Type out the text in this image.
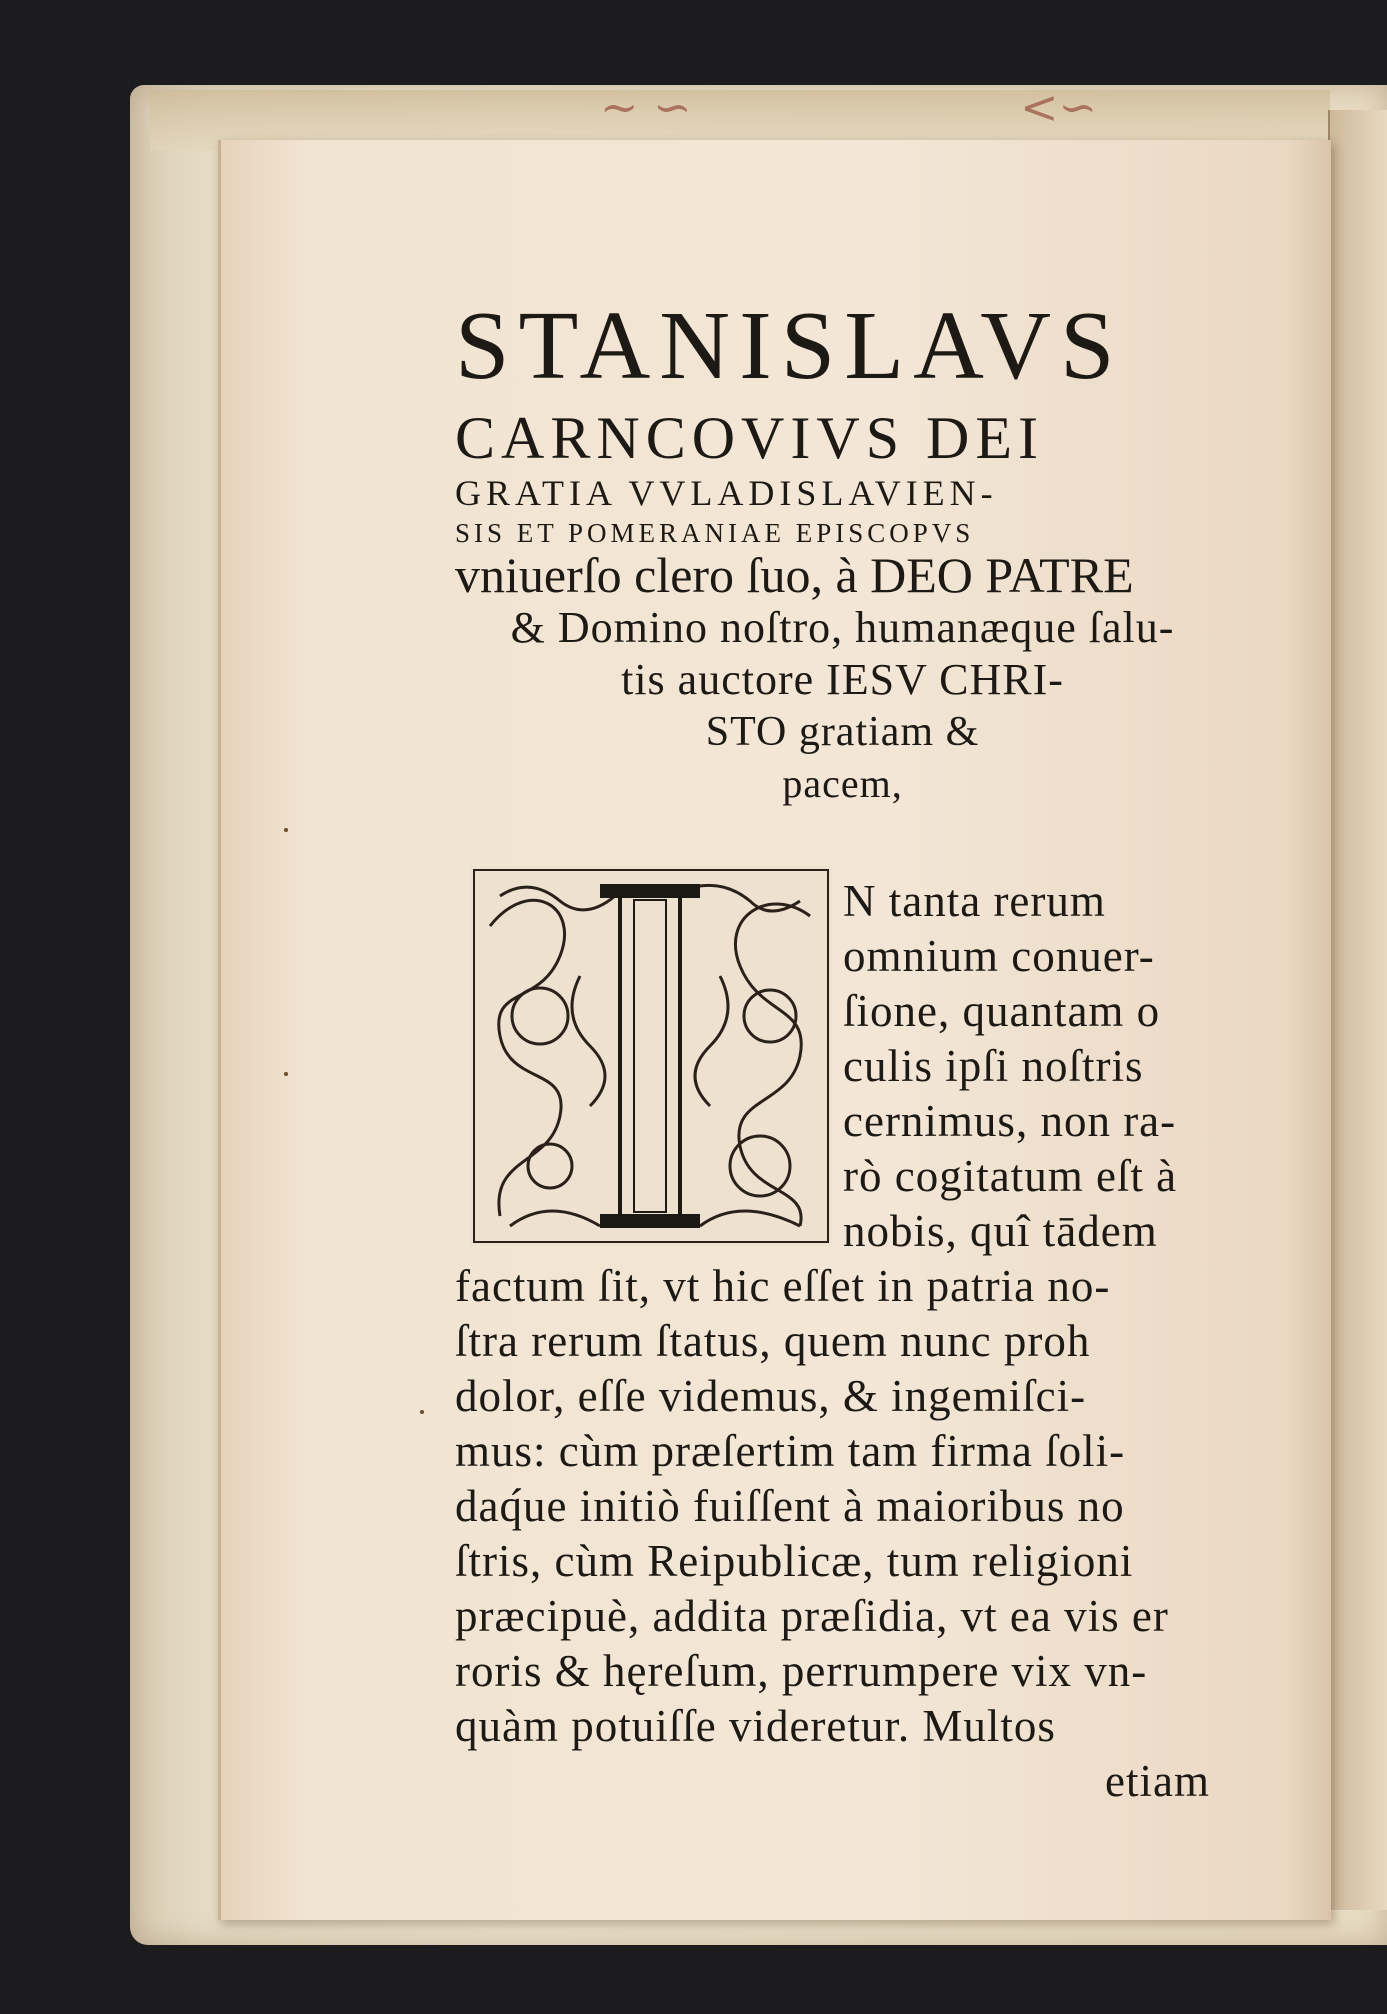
~ ∽	<∽
STANISLAVS
CARNCOVIVS DEI
GRATIA VVLADISLAVIEN-
SIS ET POMERANIAE EPISCOPVS
vniuerſo clero ſuo, à DEO PATRE
& Domino noſtro, humanæque ſalu-
tis auctore IESV CHRI-
STO gratiam &
pacem,
N tanta rerum
omnium conuer-
ſione, quantam o
culis ipſi noſtris
cernimus, non ra-
rò cogitatum eſt à
nobis, quî tādem
factum ſit, vt hic eſſet in patria no-
ſtra rerum ſtatus, quem nunc proh
dolor, eſſe videmus, & ingemiſci-
mus: cùm præſertim tam firma ſoli-
daq́ue initiò fuiſſent à maioribus no
ſtris, cùm Reipublicæ, tum religioni
præcipuè, addita præſidia, vt ea vis er
roris & hęreſum, perrumpere vix vn-
quàm potuiſſe videretur. Multos
etiam
